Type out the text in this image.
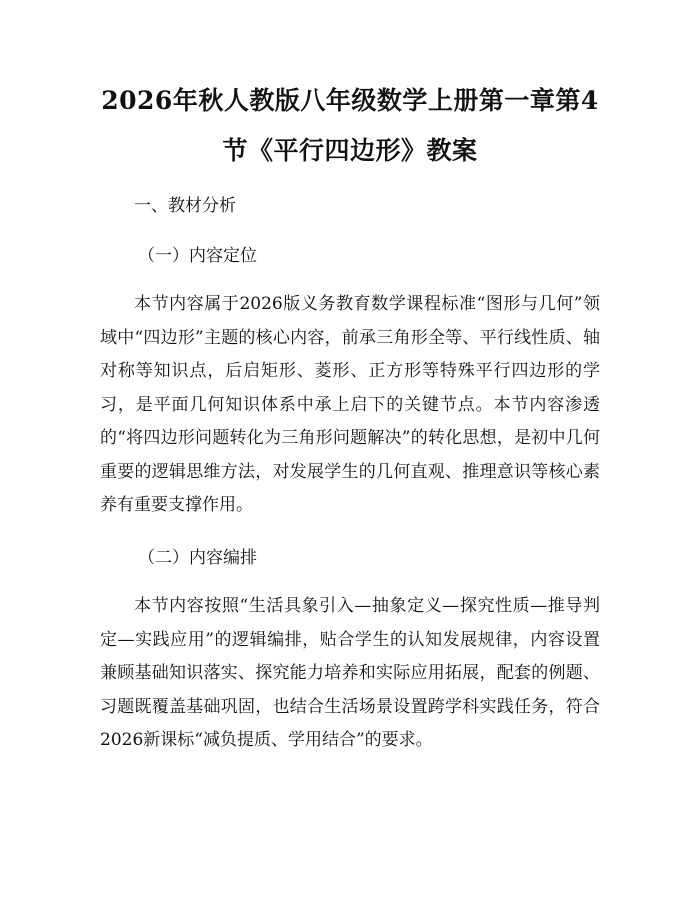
2026年秋人教版八年级数学上册第一章第4节《平行四边形》教案
一、教材分析
（一）内容定位
本节内容属于2026版义务教育数学课程标准“图形与几何”领域中“四边形”主题的核心内容，前承三角形全等、平行线性质、轴对称等知识点，后启矩形、菱形、正方形等特殊平行四边形的学习，是平面几何知识体系中承上启下的关键节点。本节内容渗透的“将四边形问题转化为三角形问题解决”的转化思想，是初中几何重要的逻辑思维方法，对发展学生的几何直观、推理意识等核心素养有重要支撑作用。
（二）内容编排
本节内容按照“生活具象引入—抽象定义—探究性质—推导判定—实践应用”的逻辑编排，贴合学生的认知发展规律，内容设置兼顾基础知识落实、探究能力培养和实际应用拓展，配套的例题、习题既覆盖基础巩固，也结合生活场景设置跨学科实践任务，符合2026新课标“减负提质、学用结合”的要求。
